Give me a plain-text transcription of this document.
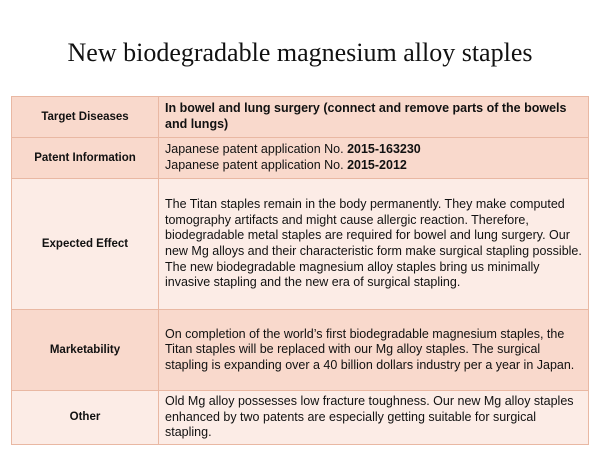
New biodegradable magnesium alloy staples
Target Diseases	In bowel and lung surgery (connect and remove parts of the bowels and lungs)
Patent Information	Japanese patent application No. 2015-163230
Japanese patent application No. 2015-2012

Expected Effect	The Titan staples remain in the body permanently. They make computed tomography artifacts and might cause allergic reaction. Therefore, biodegradable metal staples are required for bowel and lung surgery. Our new Mg alloys and their characteristic form make surgical stapling possible. The new biodegradable magnesium alloy staples bring us minimally invasive stapling and the new era of surgical stapling.
Marketability	On completion of the world’s first biodegradable magnesium staples, the Titan staples will be replaced with our Mg alloy staples. The surgical stapling is expanding over a 40 billion dollars industry per a year in Japan.
Other	Old Mg alloy possesses low fracture toughness. Our new Mg alloy staples enhanced by two patents are especially getting suitable for surgical stapling.
